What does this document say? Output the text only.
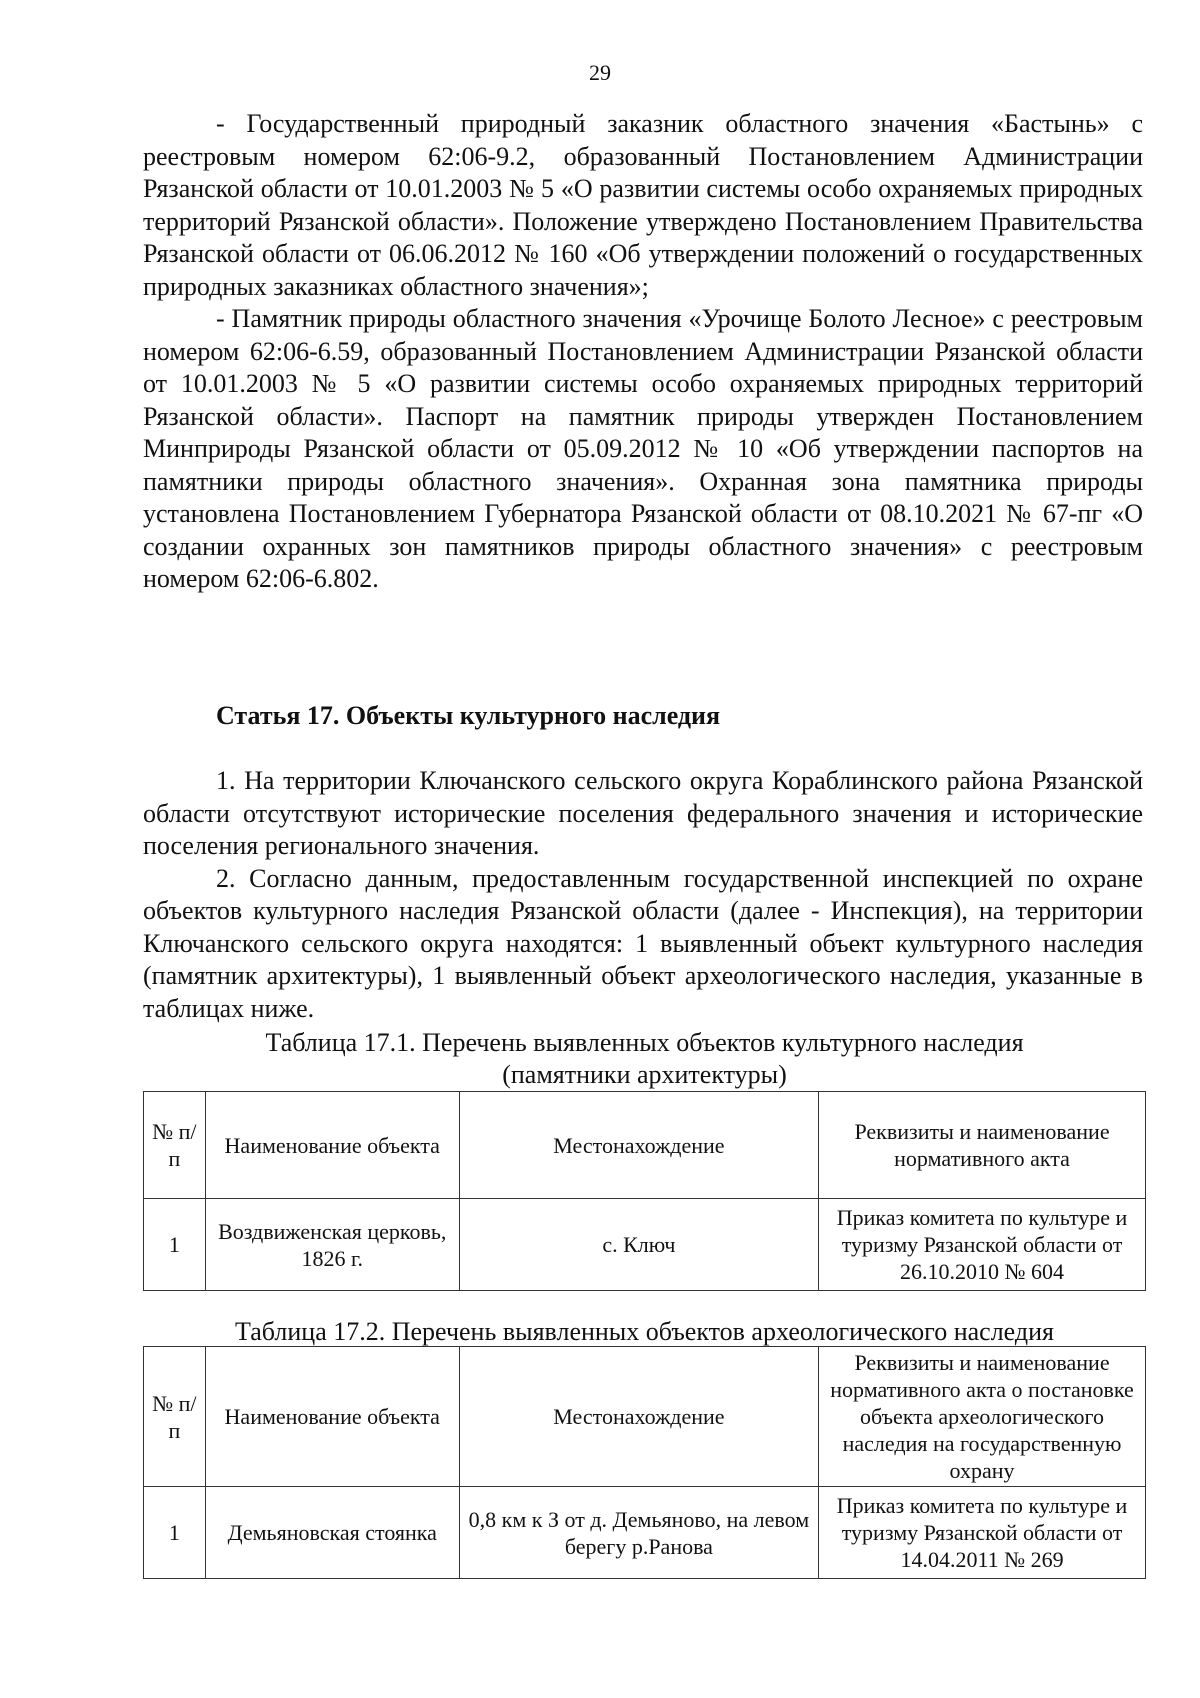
29

- Государственный природный заказник областного значения «Бастынь» с реестровым номером 62:06-9.2, образованный Постановлением Администрации Рязанской области от 10.01.2003 № 5 «О развитии системы особо охраняемых природных территорий Рязанской области». Положение утверждено Постановлением Правительства Рязанской области от 06.06.2012 № 160 «Об утверждении положений о государственных природных заказниках областного значения»;

- Памятник природы областного значения «Урочище Болото Лесное» с реестровым номером 62:06-6.59, образованный Постановлением Администрации Рязанской области от 10.01.2003 № 5 «О развитии системы особо охраняемых природных территорий Рязанской области». Паспорт на памятник природы утвержден Постановлением Минприроды Рязанской области от 05.09.2012 № 10 «Об утверждении паспортов на памятники природы областного значения». Охранная зона памятника природы установлена Постановлением Губернатора Рязанской области от 08.10.2021 № 67-пг «О создании охранных зон памятников природы областного значения» с реестровым номером 62:06-6.802.

Статья 17. Объекты культурного наследия

1. На территории Ключанского сельского округа Кораблинского района Рязанской области отсутствуют исторические поселения федерального значения и исторические поселения регионального значения.

2. Согласно данным, предоставленным государственной инспекцией по охране объектов культурного наследия Рязанской области (далее - Инспекция), на территории Ключанского сельского округа находятся: 1 выявленный объект культурного наследия (памятник архитектуры), 1 выявленный объект археологического наследия, указанные в таблицах ниже.

Таблица 17.1. Перечень выявленных объектов культурного наследия

(памятники архитектуры)

№ п/п	Наименование объекта	Местонахождение	Реквизиты и наименование нормативного акта
1	Воздвиженская церковь, 1826 г.	с. Ключ	Приказ комитета по культуре и туризму Рязанской области от 26.10.2010 № 604

Таблица 17.2. Перечень выявленных объектов археологического наследия

№ п/п	Наименование объекта	Местонахождение	Реквизиты и наименование нормативного акта о постановке объекта археологического наследия на государственную охрану
1	Демьяновская стоянка	0,8 км к З от д. Демьяново, на левом берегу р.Ранова	Приказ комитета по культуре и туризму Рязанской области от 14.04.2011 № 269
